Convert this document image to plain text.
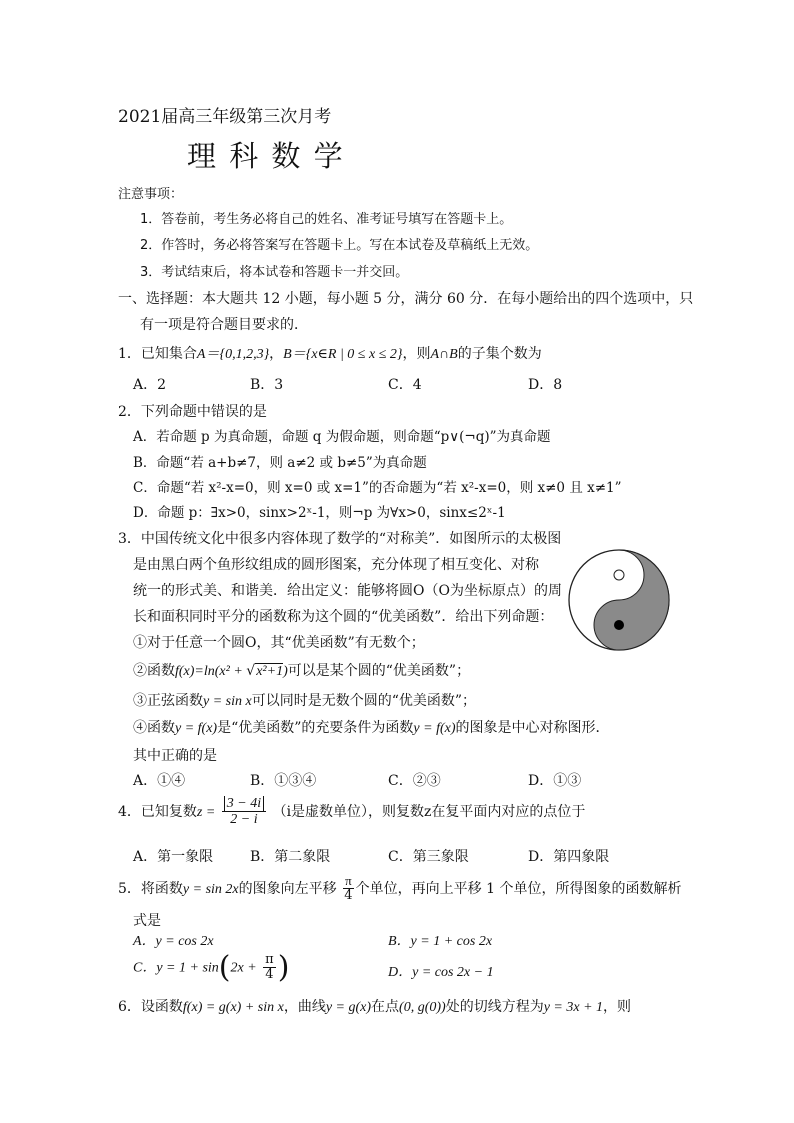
2021届高三年级第三次月考
理 科 数 学
注意事项：
1．答卷前，考生务必将自己的姓名、准考证号填写在答题卡上。
2．作答时，务必将答案写在答题卡上。写在本试卷及草稿纸上无效。
3．考试结束后，将本试卷和答题卡一并交回。
一、选择题：本大题共 12 小题，每小题 5 分，满分 60 分．在每小题给出的四个选项中，只
有一项是符合题目要求的．
1．已知集合A＝{0,1,2,3}，B＝{x∈R | 0 ≤ x ≤ 2}，则A∩B的子集个数为
A．2	B．3	C．4	D．8
2．下列命题中错误的是
A．若命题 p 为真命题，命题 q 为假命题，则命题“p∨(¬q)”为真命题
B．命题“若 a+b≠7，则 a≠2 或 b≠5”为真命题
C．命题“若 x²-x=0，则 x=0 或 x=1”的否命题为“若 x²-x=0，则 x≠0 且 x≠1”
D．命题 p：∃x>0，sinx>2ˣ-1，则¬p 为∀x>0，sinx≤2ˣ-1
3．中国传统文化中很多内容体现了数学的“对称美”．如图所示的太极图
是由黑白两个鱼形纹组成的圆形图案，充分体现了相互变化、对称
统一的形式美、和谐美．给出定义：能够将圆O（O为坐标原点）的周
长和面积同时平分的函数称为这个圆的“优美函数”．给出下列命题：
①对于任意一个圆O，其“优美函数”有无数个；
②函数f(x)=ln(x² + √x²+1)可以是某个圆的“优美函数”；
③正弦函数y = sin x可以同时是无数个圆的“优美函数”；
④函数y = f(x)是“优美函数”的充要条件为函数y = f(x)的图象是中心对称图形．
其中正确的是
A．①④	B．①③④	C．②③	D．①③
4．已知复数$z = \frac{3 - 4i}{2 - i} (i$是虚数单位），则复数z在复平面内对应的点位于
A．第一象限	B．第二象限	C．第三象限	D．第四象限
5．将函数y = sin 2x的图象向左平移 $\frac{\pi}{4}$ 个单位，再向上平移 1 个单位，所得图象的函数解析
式是
A．y = cos 2x	B．y = 1 + cos 2x
C．$y = 1 + \sin(2x + \frac{\pi}{4}$ )	D．y = cos 2x − 1
6．设函数f(x) = g(x) + sin x，曲线y = g(x)在点(0, g(0))处的切线方程为y = 3x + 1，则
